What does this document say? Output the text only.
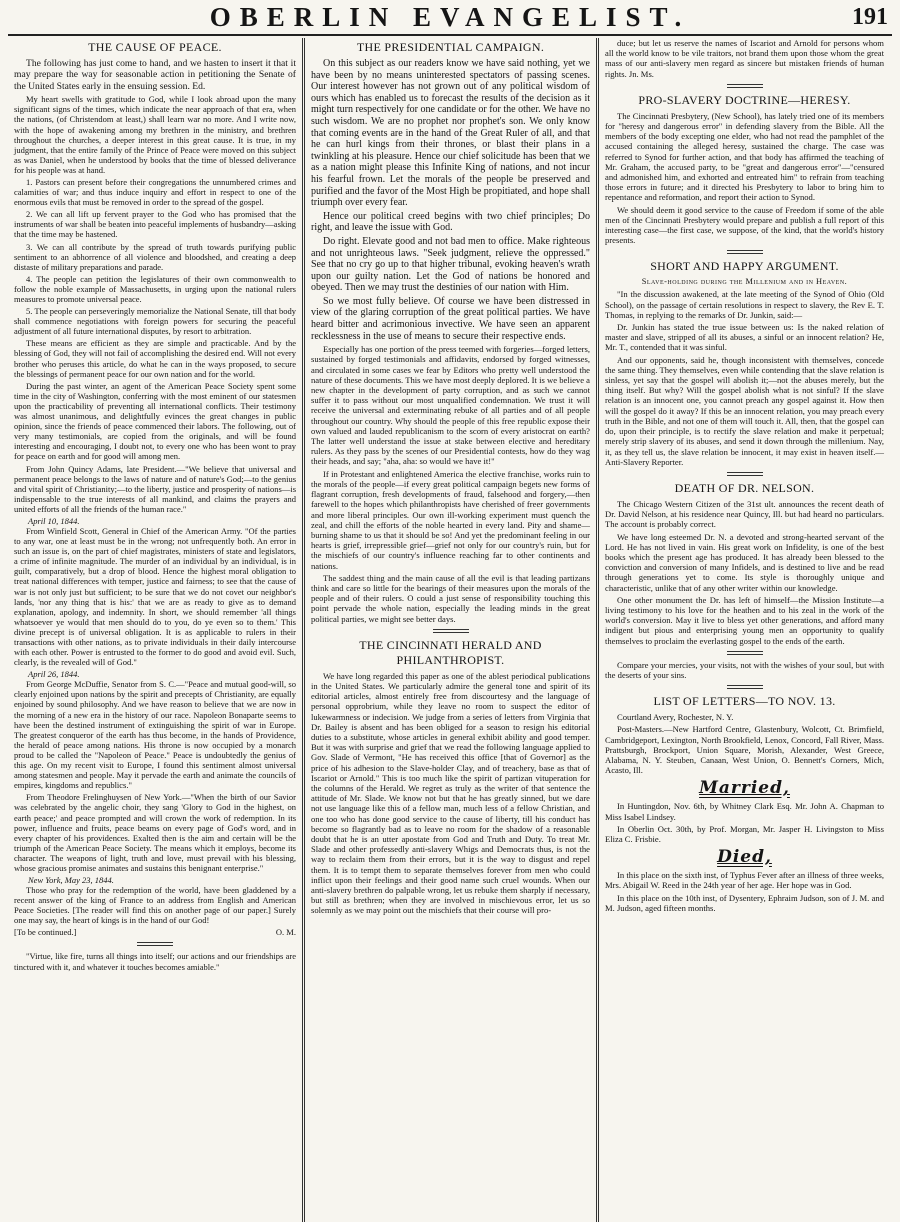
OBERLIN EVANGELIST.	191
THE CAUSE OF PEACE.

The following has just come to hand, and we hasten to insert it that it may prepare the way for seasonable action in petitioning the Senate of the United States early in the ensuing session. Ed.

My heart swells with gratitude to God, while I look abroad upon the many significant signs of the times, which indicate the near approach of that era, when the nations, (of Christendom at least,) shall learn war no more. And I write now, with the hope of awakening among my brethren in the ministry, and brethren throughout the churches, a deeper interest in this great cause. It is true, in my judgment, that the entire family of the Prince of Peace were moved on this subject as was Daniel, when he understood by books that the time of blessed deliverance for his people was at hand.

1. Pastors can present before their congregations the unnumbered crimes and calamities of war; and thus induce inquiry and effort in respect to one of the enormous evils that must be removed in order to the spread of the gospel.

2. We can all lift up fervent prayer to the God who has promised that the instruments of war shall be beaten into peaceful implements of husbandry—asking that the time may be hastened.

3. We can all contribute by the spread of truth towards purifying public sentiment to an abhorrence of all violence and bloodshed, and creating a deep distaste of military preparations and parade.

4. The people can petition the legislatures of their own commonwealth to follow the noble example of Massachusetts, in urging upon the national rulers measures to promote universal peace.

5. The people can perseveringly memorialize the National Senate, till that body shall commence negotiations with foreign powers for securing the peaceful adjustment of all future international disputes, by resort to arbitration.

These means are efficient as they are simple and practicable. And by the blessing of God, they will not fail of accomplishing the desired end. Will not every brother who peruses this article, do what he can in the ways proposed, to secure the blessings of permanent peace for our own nation and for the world.

During the past winter, an agent of the American Peace Society spent some time in the city of Washington, conferring with the most eminent of our statesmen upon the practicability of preventing all international conflicts. Their testimony was almost unanimous, and delightfully evinces the great changes in public opinion, since the friends of peace commenced their labors. The following, out of very many testimonials, are copied from the originals, and will be found interesting and encouraging, I doubt not, to every one who has been wont to pray for peace on earth and for good will among men.

From John Quincy Adams, late President.—"We believe that universal and permanent peace belongs to the laws of nature and of nature's God;—to the genius and vital spirit of Christianity;—to the liberty, justice and prosperity of nations—is indispensable to the true interests of all mankind, and claims the prayers and united efforts of all the friends of the human race."

April 10, 1844.

From Winfield Scott, General in Chief of the American Army. "Of the parties to any war, one at least must be in the wrong; not unfrequently both. An error in such an issue is, on the part of chief magistrates, ministers of state and legislators, a crime of infinite magnitude. The murder of an individual by an individual, is in guilt, comparatively, but a drop of blood. Hence the highest moral obligation to treat national differences with temper, justice and fairness; to see that the cause of war is not only just but sufficient; to be sure that we do not covet our neighbor's lands, 'nor any thing that is his:' that we are as ready to give as to demand explanation, apology, and indemnity. In short, we should remember 'all things whatsoever ye would that men should do to you, do ye even so to them.' This divine precept is of universal obligation. It is as applicable to rulers in their transactions with other nations, as to private individuals in their daily intercourse with each other. Power is entrusted to the former to do good and avoid evil. Such, clearly, is the revealed will of God."

April 26, 1844.

From George McDuffie, Senator from S. C.—"Peace and mutual good-will, so clearly enjoined upon nations by the spirit and precepts of Christianity, are equally enjoined by sound philosophy. And we have reason to believe that we are now in the morning of a new era in the history of our race. Napoleon Bonaparte seems to have been the destined instrument of extinguishing the spirit of war in Europe. The greatest conqueror of the earth has thus become, in the hands of Providence, the herald of peace among nations. His throne is now occupied by a monarch proud to be called the "Napoleon of Peace." Peace is undoubtedly the genius of this age. On my recent visit to Europe, I found this sentiment almost universal among statesmen and people. May it pervade the earth and animate the councils of empires, kingdoms and republics."

From Theodore Frelinghuysen of New York.—"When the birth of our Savior was celebrated by the angelic choir, they sang 'Glory to God in the highest, on earth peace;' and peace prompted and will crown the work of redemption. In its power, influence and fruits, peace beams on every page of God's word, and in every chapter of his providences. Exalted then is the aim and certain will be the triumph of the American Peace Society. The means which it employs, become its character. The weapons of light, truth and love, must prevail with his blessing, whose gracious promise animates and sustains this benignant enterprise."

New York, May 23, 1844.

Those who pray for the redemption of the world, have been gladdened by a recent answer of the king of France to an address from English and American Peace Societies. [The reader will find this on another page of our paper.] Surely one may say, the heart of kings is in the hand of our God!

[To be continued.]	O. M.

"Virtue, like fire, turns all things into itself; our actions and our friendships are tinctured with it, and whatever it touches becomes amiable."

THE PRESIDENTIAL CAMPAIGN.

On this subject as our readers know we have said nothing, yet we have been by no means uninterested spectators of passing scenes. Our interest however has not grown out of any political wisdom of ours which has enabled us to forecast the results of the decision as it might turn respectively for one candidate or for the other. We have no such wisdom. We are no prophet nor prophet's son. We only know that coming events are in the hand of the Great Ruler of all, and that he can hurl kings from their thrones, or blast their plans in a twinkling at his pleasure. Hence our chief solicitude has been that we as a nation might please this Infinite King of nations, and not incur his fearful frown. Let the morals of the people be preserved and purified and the favor of the Most High be propitiated, and hope shall triumph over every fear.

Hence our political creed begins with two chief principles; Do right, and leave the issue with God.

Do right. Elevate good and not bad men to office. Make righteous and not unrighteous laws. "Seek judgment, relieve the oppressed." See that no cry go up to that higher tribunal, evoking heaven's wrath upon our guilty nation. Let the God of nations be honored and obeyed. Then we may trust the destinies of our nation with Him.

So we most fully believe. Of course we have been distressed in view of the glaring corruption of the great political parties. We have heard bitter and acrimonious invective. We have seen an apparent recklessness in the use of means to secure their respective ends.

Especially has one portion of the press teemed with forgeries—forged letters, sustained by forged testimonials and affidavits, endorsed by forged witnesses, and circulated in some cases we fear by Editors who pretty well understood the nature of these documents. This we have most deeply deplored. It is we believe a new chapter in the development of party corruption, and as such we cannot suffer it to pass without our most unqualified condemnation. We trust it will receive the universal and exterminating rebuke of all parties and of all people throughout our country. Why should the people of this free republic expose their own valued and lauded republicanism to the scorn of every aristocrat on earth? The latter well understand the issue at stake between elective and hereditary rulers. As they pass by the scenes of our Presidential contests, how do they wag their heads, and say; "aha, aha: so would we have it!"

If in Protestant and enlightened America the elective franchise, works ruin to the morals of the people—if every great political campaign begets new forms of flagrant corruption, fresh developments of fraud, falsehood and forgery,—then farewell to the hopes which philanthropists have cherished of freer governments and more liberal principles. Our own ill-working experiment must quench the zeal, and chill the efforts of the noble hearted in every land. Pity and shame—burning shame to us that it should be so! And yet the predominant feeling in our hearts is grief, irrepressible grief—grief not only for our country's ruin, but for the mischiefs of our country's influence reaching far to other continents and nations.

The saddest thing and the main cause of all the evil is that leading partizans think and care so little for the bearings of their measures upon the morals of the people and of their rulers. O could a just sense of responsibility touching this point pervade the whole nation, especially the leading minds in the great political parties, we might see better days.

THE CINCINNATI HERALD AND PHILANTHROPIST.

We have long regarded this paper as one of the ablest periodical publications in the United States. We particularly admire the general tone and spirit of its editorial articles, almost entirely free from discourtesy and the language of personal opprobrium, while they leave no room to suspect the editor of lukewarmness or indecision. We judge from a series of letters from Virginia that Dr. Bailey is absent and has been obliged for a season to resign his editorial duties to a substitute, whose articles in general exhibit ability and good temper. But it was with surprise and grief that we read the following language applied to Gov. Slade of Vermont, "He has received this office [that of Governor] as the price of his adhesion to the Slave-holder Clay, and of treachery, base as that of Iscariot or Arnold." This is too much like the spirit of partizan vituperation for the columns of the Herald. We regret as truly as the writer of that sentence the attitude of Mr. Slade. We know not but that he has greatly sinned, but we dare not use language like this of a fellow man, much less of a fellow Christian, and one too who has done good service to the cause of liberty, till his conduct has become so flagrantly bad as to leave no room for the shadow of a reasonable doubt that he is an utter apostate from God and Truth and Duty. To treat Mr. Slade and other professedly anti-slavery Whigs and Democrats thus, is not the way to reclaim them from their errors, but it is the way to disgust and repel them. It is to tempt them to separate themselves forever from men who could inflict upon their feelings and their good name such cruel wounds. When our anti-slavery brethren do palpable wrong, let us rebuke them sharply if necessary, but still as brethren; when they are involved in mischievous error, let us so solemnly as we may point out the mischiefs that their course will pro-

duce; but let us reserve the names of Iscariot and Arnold for persons whom all the world know to be vile traitors, not brand them upon those whom the great mass of our anti-slavery men regard as sincere but mistaken friends of human rights. Jn. Ms.

PRO-SLAVERY DOCTRINE—HERESY.

The Cincinnati Presbytery, (New School), has lately tried one of its members for "heresy and dangerous error" in defending slavery from the Bible. All the members of the body excepting one elder, who had not read the pamphlet of the accused containing the alleged heresy, sustained the charge. The case was referred to Synod for further action, and that body has affirmed the teaching of Mr. Graham, the accused party, to be "great and dangerous error"—"censured and admonished him, and exhorted and entreated him" to refrain from teaching those errors in future; and it directed his Presbytery to labor to bring him to repentance and reformation, and report their action to Synod.

We should deem it good service to the cause of Freedom if some of the able men of the Cincinnati Presbytery would prepare and publish a full report of this interesting case—the first case, we suppose, of the kind, that the world's history presents.

SHORT AND HAPPY ARGUMENT.
Slave-holding during the Millenium and in Heaven.

"In the discussion awakened, at the late meeting of the Synod of Ohio (Old School), on the passage of certain resolutions in respect to slavery, the Rev E. T. Thomas, in replying to the remarks of Dr. Junkin, said:—

Dr. Junkin has stated the true issue between us: Is the naked relation of master and slave, stripped of all its abuses, a sinful or an innocent relation? He, Mr. T., contended that it was sinful.

And our opponents, said he, though inconsistent with themselves, concede the same thing. They themselves, even while contending that the slave relation is sinless, yet say that the gospel will abolish it;—not the abuses merely, but the thing itself. But why? Will the gospel abolish what is not sinful? If the slave relation is an innocent one, you cannot preach any gospel against it. How then will the gospel do it away? If this be an innocent relation, you may preach every truth in the Bible, and not one of them will touch it. All, then, that the gospel can do, upon their principle, is to rectify the slave relation and make it perpetual; merely strip slavery of its abuses, and send it down through the millenium. Nay, it, as they tell us, the slave relation be innocent, it may exist in heaven itself.—Anti-Slavery Reporter.

DEATH OF DR. NELSON.

The Chicago Western Citizen of the 31st ult. announces the recent death of Dr. David Nelson, at his residence near Quincy, Ill. but had heard no particulars. The account is probably correct.

We have long esteemed Dr. N. a devoted and strong-hearted servant of the Lord. He has not lived in vain. His great work on Infidelity, is one of the best books which the present age has produced. It has already been blessed to the conviction and conversion of many Infidels, and is destined to live and be read through generations yet to come. Its style is thoroughly unique and characteristic, unlike that of any other writer within our knowledge.

One other monument the Dr. has left of himself—the Mission Institute—a living testimony to his love for the heathen and to his zeal in the work of the world's conversion. May it live to bless yet other generations, and afford many indigent but pious and enterprising young men an opportunity to qualify themselves to proclaim the everlasting gospel to the ends of the earth.

Compare your mercies, your visits, not with the wishes of your soul, but with the deserts of your sins.

LIST OF LETTERS—TO NOV. 13.

Courtland Avery, Rochester, N. Y.

Post-Masters.—New Hartford Centre, Glastenbury, Wolcott, Ct. Brimfield, Cambridgeport, Lexington, North Brookfield, Lenox, Concord, Fall River, Mass. Prattsburgh, Brockport, Union Square, Morish, Alexander, West Greece, Alabama, N. Y. Steuben, Canaan, West Union, O. Bennett's Corners, Mich, Acasto, Ill.

Married,

In Huntingdon, Nov. 6th, by Whitney Clark Esq. Mr. John A. Chapman to Miss Isabel Lindsey.

In Oberlin Oct. 30th, by Prof. Morgan, Mr. Jasper H. Livingston to Miss Eliza C. Frisbie.

Died,

In this place on the sixth inst, of Typhus Fever after an illness of three weeks, Mrs. Abigail W. Reed in the 24th year of her age. Her hope was in God.

In this place on the 10th inst, of Dysentery, Ephraim Judson, son of J. M. and M. Judson, aged fifteen months.
